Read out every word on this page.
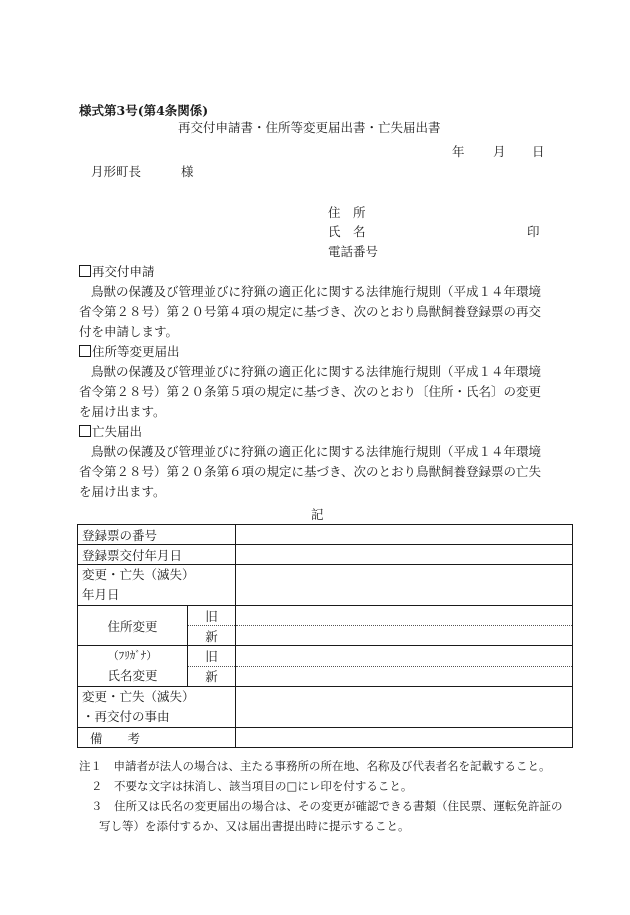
様式第3号(第4条関係)
再交付申請書・住所等変更届出書・亡失届出書
年 月 日
月形町長	様
住　所
氏　名	印
電話番号
再交付申請
鳥獣の保護及び管理並びに狩猟の適正化に関する法律施行規則（平成１４年環境
省令第２８号）第２０号第４項の規定に基づき、次のとおり鳥獣飼養登録票の再交
付を申請します。
住所等変更届出
鳥獣の保護及び管理並びに狩猟の適正化に関する法律施行規則（平成１４年環境
省令第２８号）第２０条第５項の規定に基づき、次のとおり〔住所・氏名〕の変更
を届け出ます。
亡失届出
鳥獣の保護及び管理並びに狩猟の適正化に関する法律施行規則（平成１４年環境
省令第２８号）第２０条第６項の規定に基づき、次のとおり鳥獣飼養登録票の亡失
を届け出ます。
記
登録票の番号		
登録票交付年月日		

変更・亡失（滅失）
年月日		

住所変更	旧	
	新	

（ﾌﾘｶﾞﾅ）
氏名変更	旧	
	新	

変更・亡失（滅失）
・再交付の事由		

備　　考		
注１　 申請者が法人の場合は、主たる事務所の所在地、名称及び代表者名を記載すること。
２　 不要な文字は抹消し、該当項目の□にレ印を付すること。
３　 住所又は氏名の変更届出の場合は、その変更が確認できる書類（住民票、運転免許証の
写し等）を添付するか、又は届出書提出時に提示すること。
